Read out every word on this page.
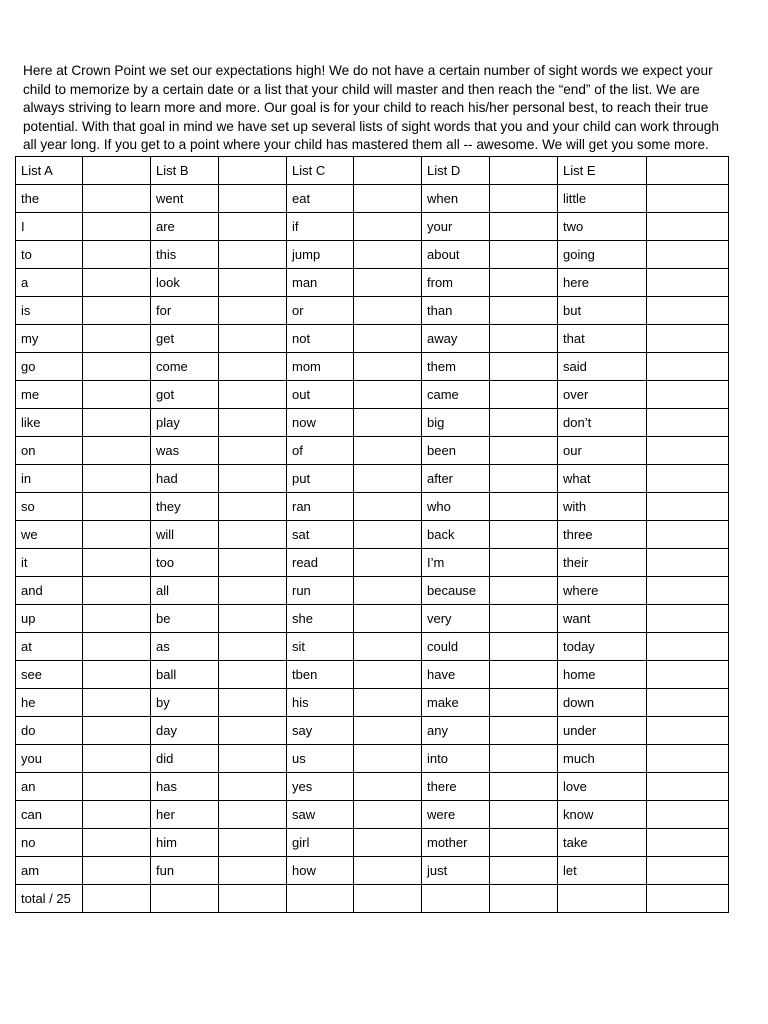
Here at Crown Point we set our expectations high! We do not have a certain number of sight words we expect your
child to memorize by a certain date or a list that your child will master and then reach the “end” of the list. We are
always striving to learn more and more. Our goal is for your child to reach his/her personal best, to reach their true
potential. With that goal in mind we have set up several lists of sight words that you and your child can work through
all year long. If you get to a point where your child has mastered them all -- awesome. We will get you some more.
List A		List B		List C		List D		List E	
the		went		eat		when		little	
I		are		if		your		two	
to		this		jump		about		going	
a		look		man		from		here	
is		for		or		than		but	
my		get		not		away		that	
go		come		mom		them		said	
me		got		out		came		over	
like		play		now		big		don’t	
on		was		of		been		our	
in		had		put		after		what	
so		they		ran		who		with	
we		will		sat		back		three	
it		too		read		I’m		their	
and		all		run		because		where	
up		be		she		very		want	
at		as		sit		could		today	
see		ball		tben		have		home	
he		by		his		make		down	
do		day		say		any		under	
you		did		us		into		much	
an		has		yes		there		love	
can		her		saw		were		know	
no		him		girl		mother		take	
am		fun		how		just		let	
total / 25									
